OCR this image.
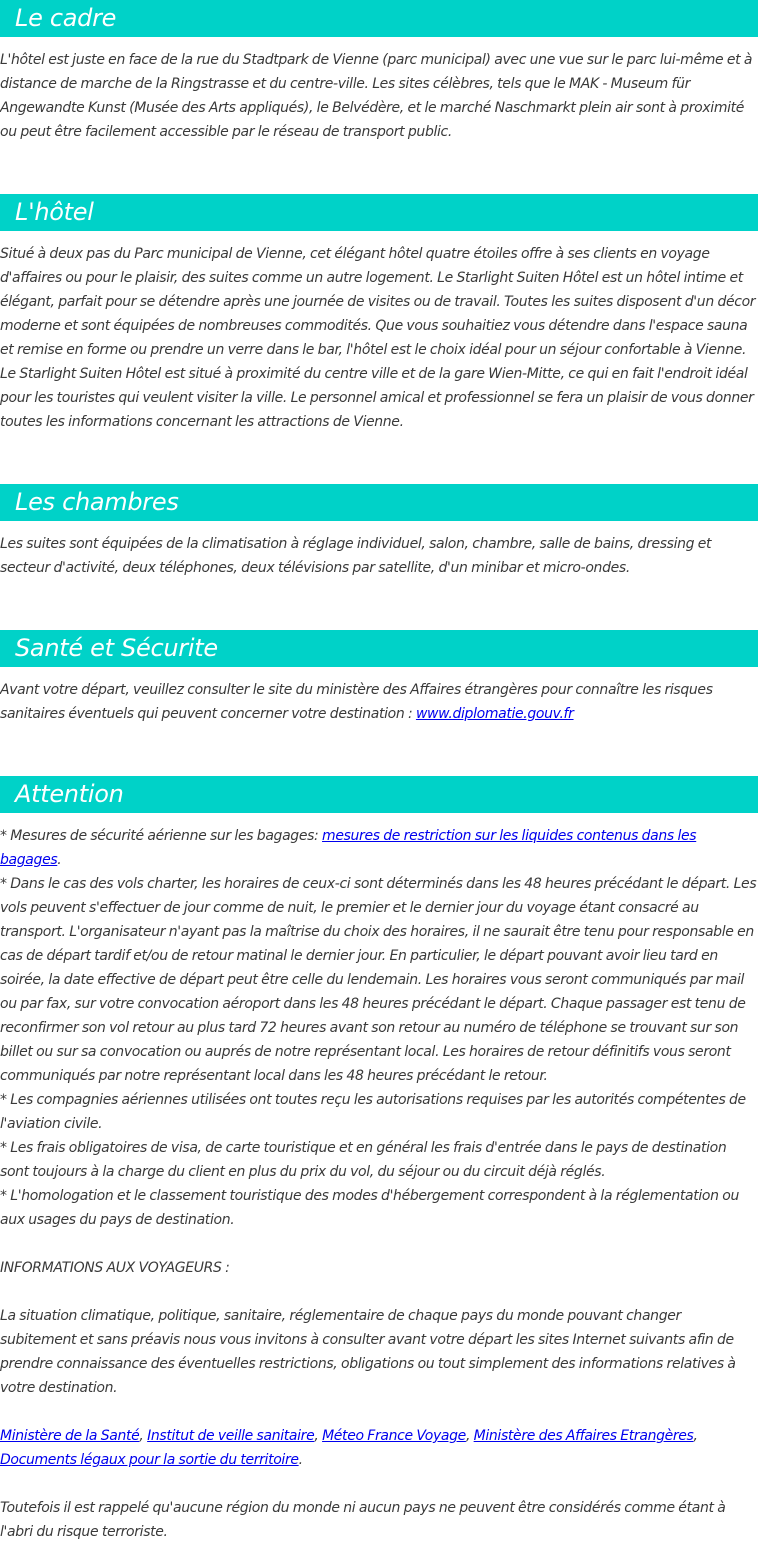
Le cadre

L'hôtel est juste en face de la rue du Stadtpark de Vienne (parc municipal) avec une vue sur le parc lui-même et à distance de marche de la Ringstrasse et du centre-ville. Les sites célèbres, tels que le MAK - Museum für Angewandte Kunst (Musée des Arts appliqués), le Belvédère, et le marché Naschmarkt plein air sont à proximité ou peut être facilement accessible par le réseau de transport public.

L'hôtel

Situé à deux pas du Parc municipal de Vienne, cet élégant hôtel quatre étoiles offre à ses clients en voyage d'affaires ou pour le plaisir, des suites comme un autre logement. Le Starlight Suiten Hôtel est un hôtel intime et élégant, parfait pour se détendre après une journée de visites ou de travail. Toutes les suites disposent d'un décor moderne et sont équipées de nombreuses commodités. Que vous souhaitiez vous détendre dans l'espace sauna et remise en forme ou prendre un verre dans le bar, l'hôtel est le choix idéal pour un séjour confortable à Vienne. Le Starlight Suiten Hôtel est situé à proximité du centre ville et de la gare Wien-Mitte, ce qui en fait l'endroit idéal pour les touristes qui veulent visiter la ville. Le personnel amical et professionnel se fera un plaisir de vous donner toutes les informations concernant les attractions de Vienne.

Les chambres

Les suites sont équipées de la climatisation à réglage individuel, salon, chambre, salle de bains, dressing et secteur d'activité, deux téléphones, deux télévisions par satellite, d'un minibar et micro-ondes.

Santé et Sécurite

Avant votre départ, veuillez consulter le site du ministère des Affaires étrangères pour connaître les risques sanitaires éventuels qui peuvent concerner votre destination : www.diplomatie.gouv.fr

Attention

* Mesures de sécurité aérienne sur les bagages: mesures de restriction sur les liquides contenus dans les bagages.

* Dans le cas des vols charter, les horaires de ceux-ci sont déterminés dans les 48 heures précédant le départ. Les vols peuvent s'effectuer de jour comme de nuit, le premier et le dernier jour du voyage étant consacré au transport. L'organisateur n'ayant pas la maîtrise du choix des horaires, il ne saurait être tenu pour responsable en cas de départ tardif et/ou de retour matinal le dernier jour. En particulier, le départ pouvant avoir lieu tard en soirée, la date effective de départ peut être celle du lendemain. Les horaires vous seront communiqués par mail ou par fax, sur votre convocation aéroport dans les 48 heures précédant le départ. Chaque passager est tenu de reconfirmer son vol retour au plus tard 72 heures avant son retour au numéro de téléphone se trouvant sur son billet ou sur sa convocation ou auprés de notre représentant local. Les horaires de retour définitifs vous seront communiqués par notre représentant local dans les 48 heures précédant le retour.

* Les compagnies aériennes utilisées ont toutes reçu les autorisations requises par les autorités compétentes de l'aviation civile.

* Les frais obligatoires de visa, de carte touristique et en général les frais d'entrée dans le pays de destination sont toujours à la charge du client en plus du prix du vol, du séjour ou du circuit déjà réglés.

* L'homologation et le classement touristique des modes d'hébergement correspondent à la réglementation ou aux usages du pays de destination.

INFORMATIONS AUX VOYAGEURS :

La situation climatique, politique, sanitaire, réglementaire de chaque pays du monde pouvant changer subitement et sans préavis nous vous invitons à consulter avant votre départ les sites Internet suivants afin de prendre connaissance des éventuelles restrictions, obligations ou tout simplement des informations relatives à votre destination.

Ministère de la Santé, Institut de veille sanitaire, Méteo France Voyage, Ministère des Affaires Etrangères, Documents légaux pour la sortie du territoire.

Toutefois il est rappelé qu'aucune région du monde ni aucun pays ne peuvent être considérés comme étant à l'abri du risque terroriste.
